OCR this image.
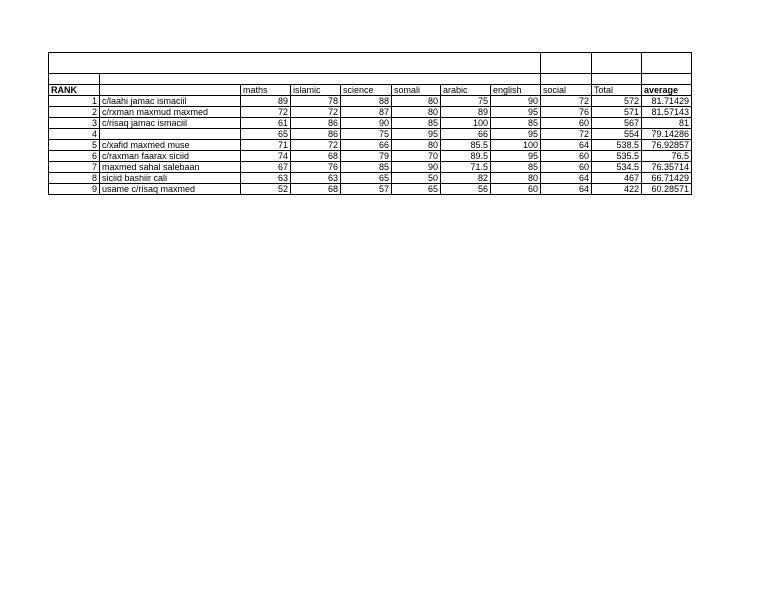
RANK		maths	islamic	science	somali	arabic	english	social	Total	average
1	c/laahi jamac ismaciil	89	78	88	80	75	90	72	572	81.71429
2	c/rxman maxmud maxmed	72	72	87	80	89	95	76	571	81.57143
3	c/risaq jamac ismaciil	61	86	90	85	100	85	60	567	81
4		65	86	75	95	66	95	72	554	79.14286
5	c/xafid maxmed muse	71	72	66	80	85.5	100	64	538.5	76.92857
6	c/raxman faarax siciid	74	68	79	70	89.5	95	60	535.5	76.5
7	maxmed sahal salebaan	67	76	85	90	71.5	85	60	534.5	76.35714
8	siciid bashiir cali	63	63	65	50	82	80	64	467	66.71429
9	usame c/risaq maxmed	52	68	57	65	56	60	64	422	60.28571
